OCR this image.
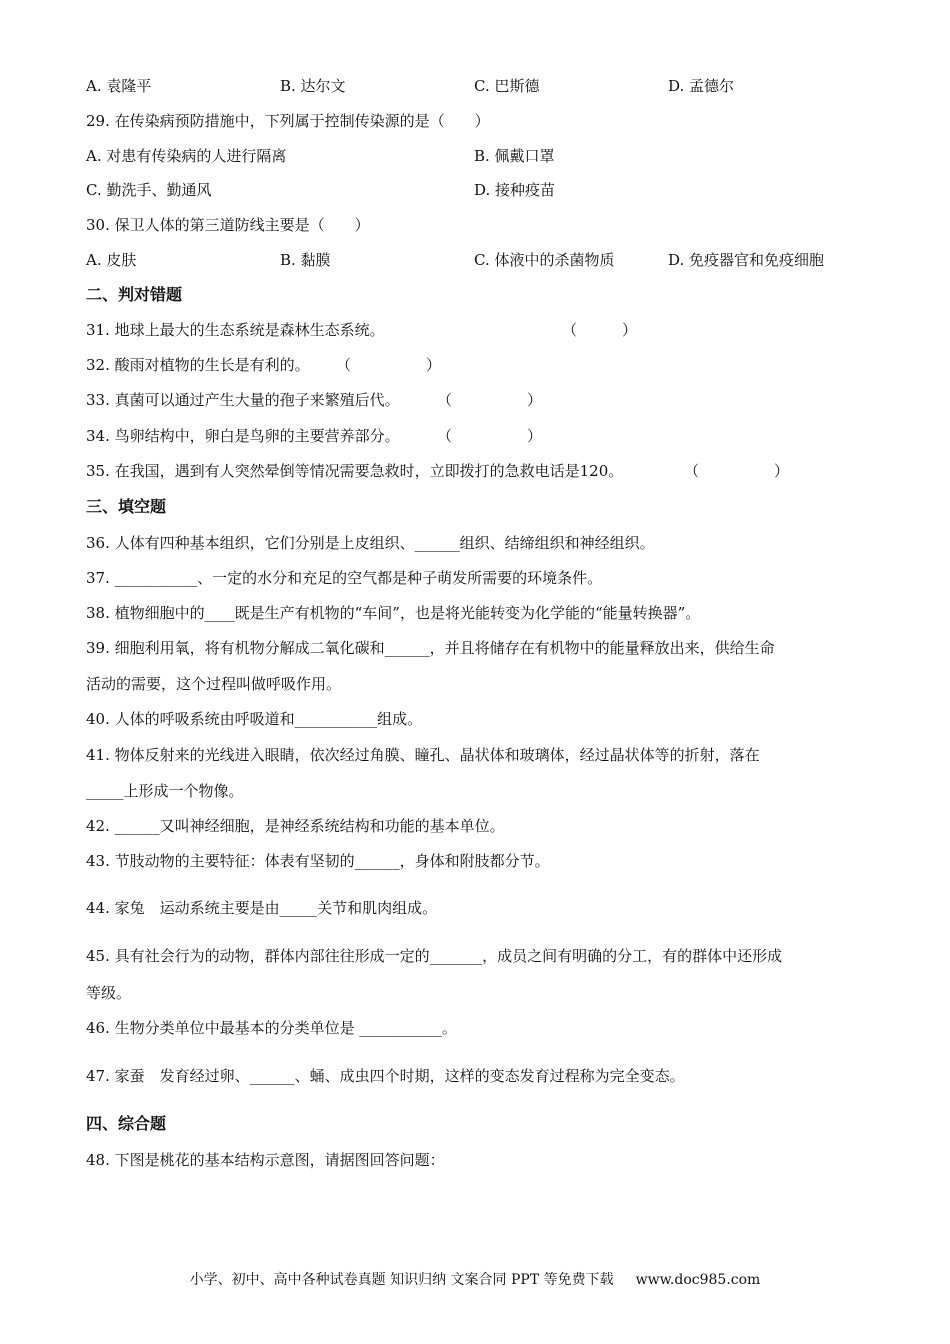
A. 袁隆平	B. 达尔文	C. 巴斯德	D. 孟德尔
29. 在传染病预防措施中，下列属于控制传染源的是（　　）
A. 对患有传染病的人进行隔离	B. 佩戴口罩
C. 勤洗手、勤通风	D. 接种疫苗
30. 保卫人体的第三道防线主要是（　　）
A. 皮肤	B. 黏膜	C. 体液中的杀菌物质	D. 免疫器官和免疫细胞
二、判对错题
31. 地球上最大的生态系统是森林生态系统。	（　　　）
32. 酸雨对植物的生长是有利的。 （　　　　　）
33. 真菌可以通过产生大量的孢子来繁殖后代。 （　　　　　）
34. 鸟卵结构中，卵白是鸟卵的主要营养部分。 （　　　　　）
35. 在我国，遇到有人突然晕倒等情况需要急救时，立即拨打的急救电话是120。	（　　　　　）
三、填空题
36. 人体有四种基本组织，它们分别是上皮组织、______组织、结缔组织和神经组织。
37. ___________、一定的水分和充足的空气都是种子萌发所需要的环境条件。
38. 植物细胞中的____既是生产有机物的“车间”，也是将光能转变为化学能的“能量转换器”。
39. 细胞利用氧，将有机物分解成二氧化碳和______，并且将储存在有机物中的能量释放出来，供给生命
活动的需要，这个过程叫做呼吸作用。
40. 人体的呼吸系统由呼吸道和___________组成。
41. 物体反射来的光线进入眼睛，依次经过角膜、瞳孔、晶状体和玻璃体，经过晶状体等的折射，落在
_____上形成一个物像。
42. ______又叫神经细胞，是神经系统结构和功能的基本单位。
43. 节肢动物的主要特征：体表有坚韧的______，身体和附肢都分节。
44. 家兔　运动系统主要是由_____关节和肌肉组成。
45. 具有社会行为的动物，群体内部往往形成一定的_______，成员之间有明确的分工，有的群体中还形成
等级。
46. 生物分类单位中最基本的分类单位是 ___________。
47. 家蚕　发育经过卵、______、蛹、成虫四个时期，这样的变态发育过程称为完全变态。
四、综合题
48. 下图是桃花的基本结构示意图，请据图回答问题：
小学、初中、高中各种试卷真题 知识归纳 文案合同 PPT 等免费下载 www.doc985.com
